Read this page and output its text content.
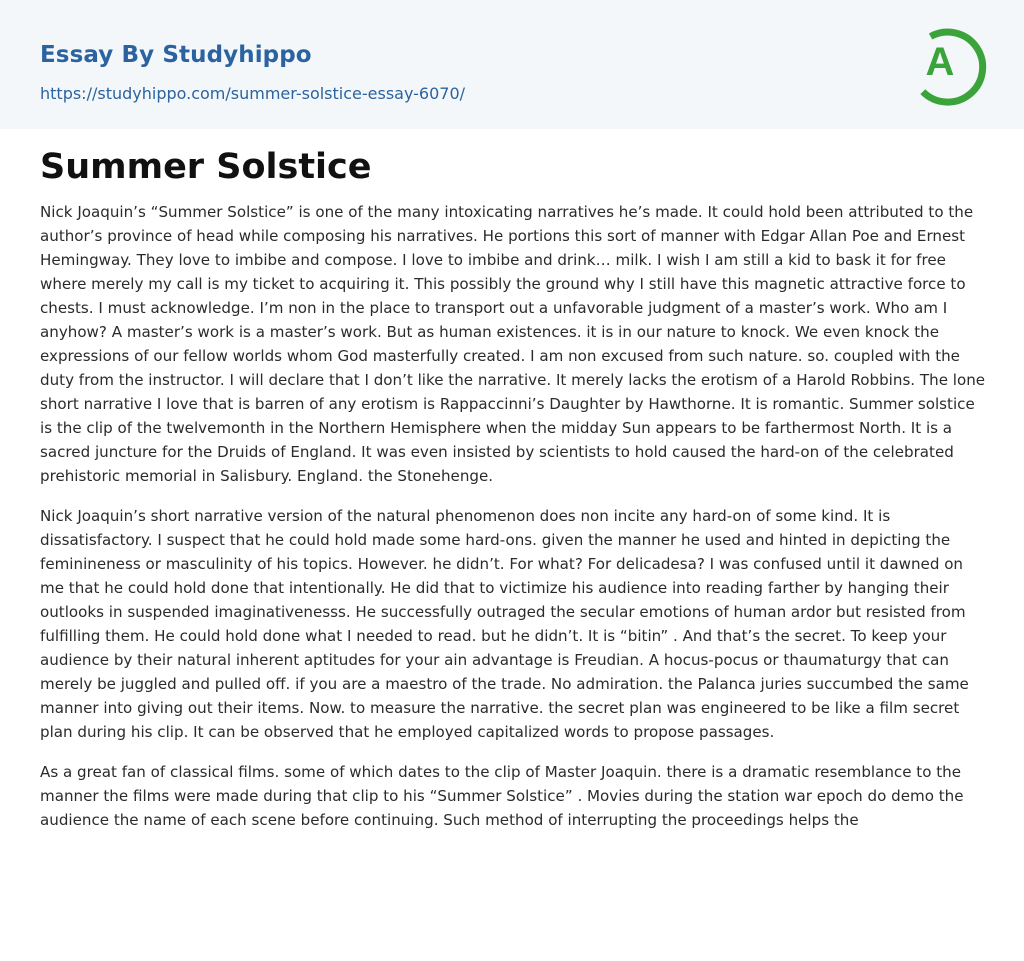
Essay By Studyhippo
https://studyhippo.com/summer-solstice-essay-6070/
A
Summer Solstice

Nick Joaquin’s “Summer Solstice” is one of the many intoxicating narratives he’s made. It could hold been attributed to the author’s province of head while composing his narratives. He portions this sort of manner with Edgar Allan Poe and Ernest Hemingway. They love to imbibe and compose. I love to imbibe and drink… milk. I wish I am still a kid to bask it for free where merely my call is my ticket to acquiring it. This possibly the ground why I still have this magnetic attractive force to chests. I must acknowledge. I’m non in the place to transport out a unfavorable judgment of a master’s work. Who am I anyhow? A master’s work is a master’s work. But as human existences. it is in our nature to knock. We even knock the expressions of our fellow worlds whom God masterfully created. I am non excused from such nature. so. coupled with the duty from the instructor. I will declare that I don’t like the narrative. It merely lacks the erotism of a Harold Robbins. The lone short narrative I love that is barren of any erotism is Rappaccinni’s Daughter by Hawthorne. It is romantic. Summer solstice is the clip of the twelvemonth in the Northern Hemisphere when the midday Sun appears to be farthermost North. It is a sacred juncture for the Druids of England. It was even insisted by scientists to hold caused the hard-on of the celebrated prehistoric memorial in Salisbury. England. the Stonehenge.

Nick Joaquin’s short narrative version of the natural phenomenon does non incite any hard-on of some kind. It is dissatisfactory. I suspect that he could hold made some hard-ons. given the manner he used and hinted in depicting the feminineness or masculinity of his topics. However. he didn’t. For what? For delicadesa? I was confused until it dawned on me that he could hold done that intentionally. He did that to victimize his audience into reading farther by hanging their outlooks in suspended imaginativenesss. He successfully outraged the secular emotions of human ardor but resisted from fulfilling them. He could hold done what I needed to read. but he didn’t. It is “bitin” . And that’s the secret. To keep your audience by their natural inherent aptitudes for your ain advantage is Freudian. A hocus-pocus or thaumaturgy that can merely be juggled and pulled off. if you are a maestro of the trade. No admiration. the Palanca juries succumbed the same manner into giving out their items. Now. to measure the narrative. the secret plan was engineered to be like a film secret plan during his clip. It can be observed that he employed capitalized words to propose passages.

As a great fan of classical films. some of which dates to the clip of Master Joaquin. there is a dramatic resemblance to the manner the films were made during that clip to his “Summer Solstice” . Movies during the station war epoch do demo the audience the name of each scene before continuing. Such method of interrupting the proceedings helps the
